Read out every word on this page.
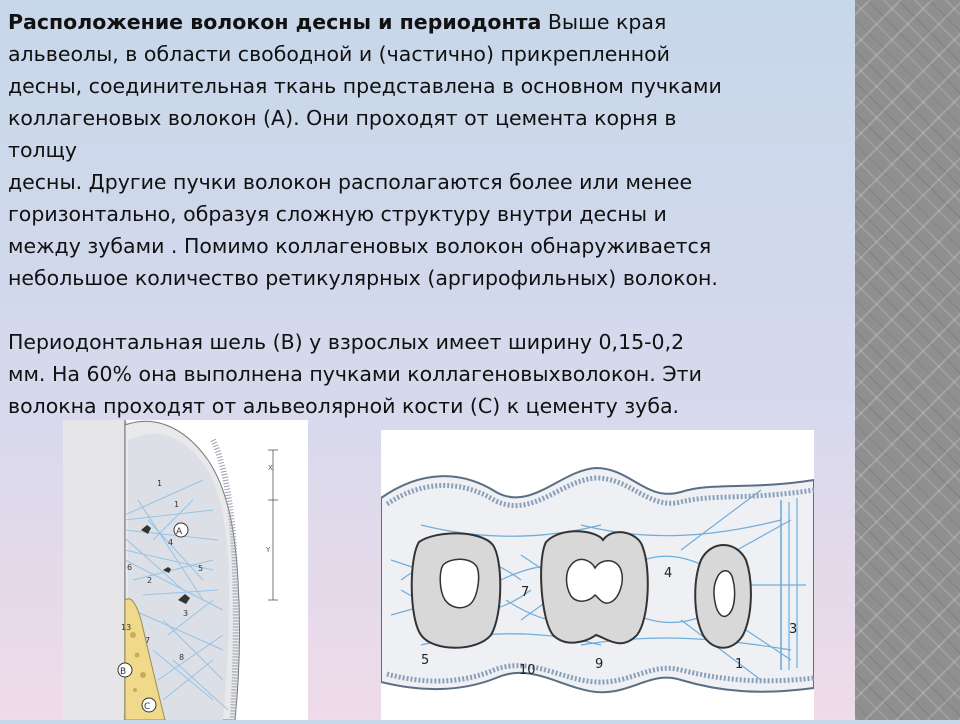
Расположение волокон десны и периодонта Выше края
альвеолы, в области свободной и (частично) прикрепленной
десны, соединительная ткань представлена в основном пучками
коллагеновых волокон (А). Они проходят от цемента корня в
толщу
десны. Другие пучки волокон располагаются более или менее
горизонтально, образуя сложную структуру внутри десны и
между зубами . Помимо коллагеновых волокон обнаруживается
небольшое количество ретикулярных (аргирофильных) волокон.

Периодонтальная шель (В) у взрослых имеет ширину 0,15-0,2
мм. На 60% она выполнена пучками коллагеновыхволокон. Эти
волокна проходят от альвеолярной кости (С) к цементу зуба.

X
Y
1
1
4
5
6
2
3
7
8
13
A
B
C
7
4
3
5
10	9	1
